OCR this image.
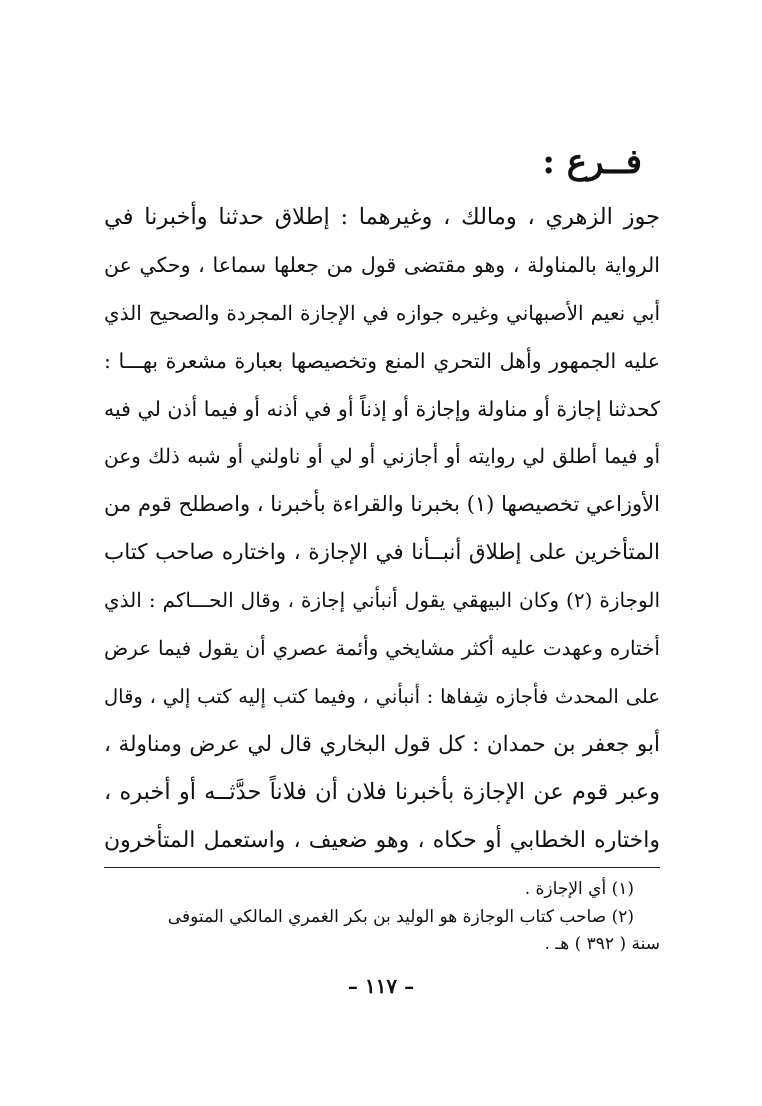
فــرع :
جوز الزهري ، ومالك ، وغيرهما : إطلاق حدثنا وأخبرنا في
الرواية بالمناولة ، وهو مقتضى قول من جعلها سماعا ، وحكي عن
أبي نعيم الأصبهاني وغيره جوازه في الإجازة المجردة والصحيح الذي
عليه الجمهور وأهل التحري المنع وتخصيصها بعبارة مشعرة بهـــا :
كحدثنا إجازة أو مناولة وإجازة أو إذناً أو في أذنه أو فيما أذن لي فيه
أو فيما أطلق لي روايته أو أجازني أو لي أو ناولني أو شبه ذلك وعن
الأوزاعي تخصيصها (١) بخبرنا والقراءة بأخبرنا ، واصطلح قوم من
المتأخرين على إطلاق أنبــأنا في الإجازة ، واختاره صاحب كتاب
الوجازة (٢) وكان البيهقي يقول أنبأني إجازة ، وقال الحـــاكم : الذي
أختاره وعهدت عليه أكثر مشايخي وأئمة عصري أن يقول فيما عرض
على المحدث فأجازه شِفاها : أنبأني ، وفيما كتب إليه كتب إلي ، وقال
أبو جعفر بن حمدان : كل قول البخاري قال لي عرض ومناولة ،
وعبر قوم عن الإجازة بأخبرنا فلان أن فلاناً حدَّثــه أو أخبره ،
واختاره الخطابي أو حكاه ، وهو ضعيف ، واستعمل المتأخرون
(١) أي الإجازة .
(٢) صاحب كتاب الوجازة هو الوليد بن بكر الغمري المالكي المتوفى
سنة ( ٣٩٢ ) هـ .
– ١١٧ –
